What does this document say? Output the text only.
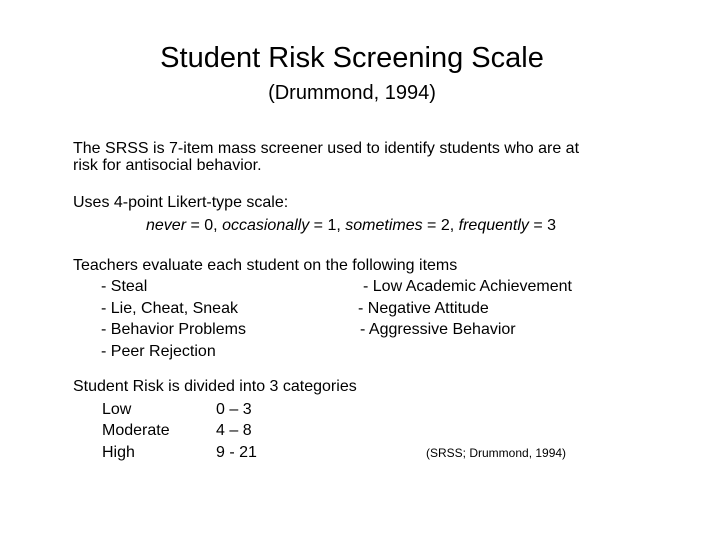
Student Risk Screening Scale
(Drummond, 1994)
The SRSS is 7-item mass screener used to identify students who are at
risk for antisocial behavior.
Uses 4-point Likert-type scale:
never = 0, occasionally = 1, sometimes = 2, frequently = 3
Teachers evaluate each student on the following items
- Steal
- Lie, Cheat, Sneak
- Behavior Problems
- Peer Rejection
- Low Academic Achievement
- Negative Attitude
- Aggressive Behavior
Student Risk is divided into 3 categories
Low	0 – 3
Moderate	4 – 8
High	9 - 21	(SRSS; Drummond, 1994)
